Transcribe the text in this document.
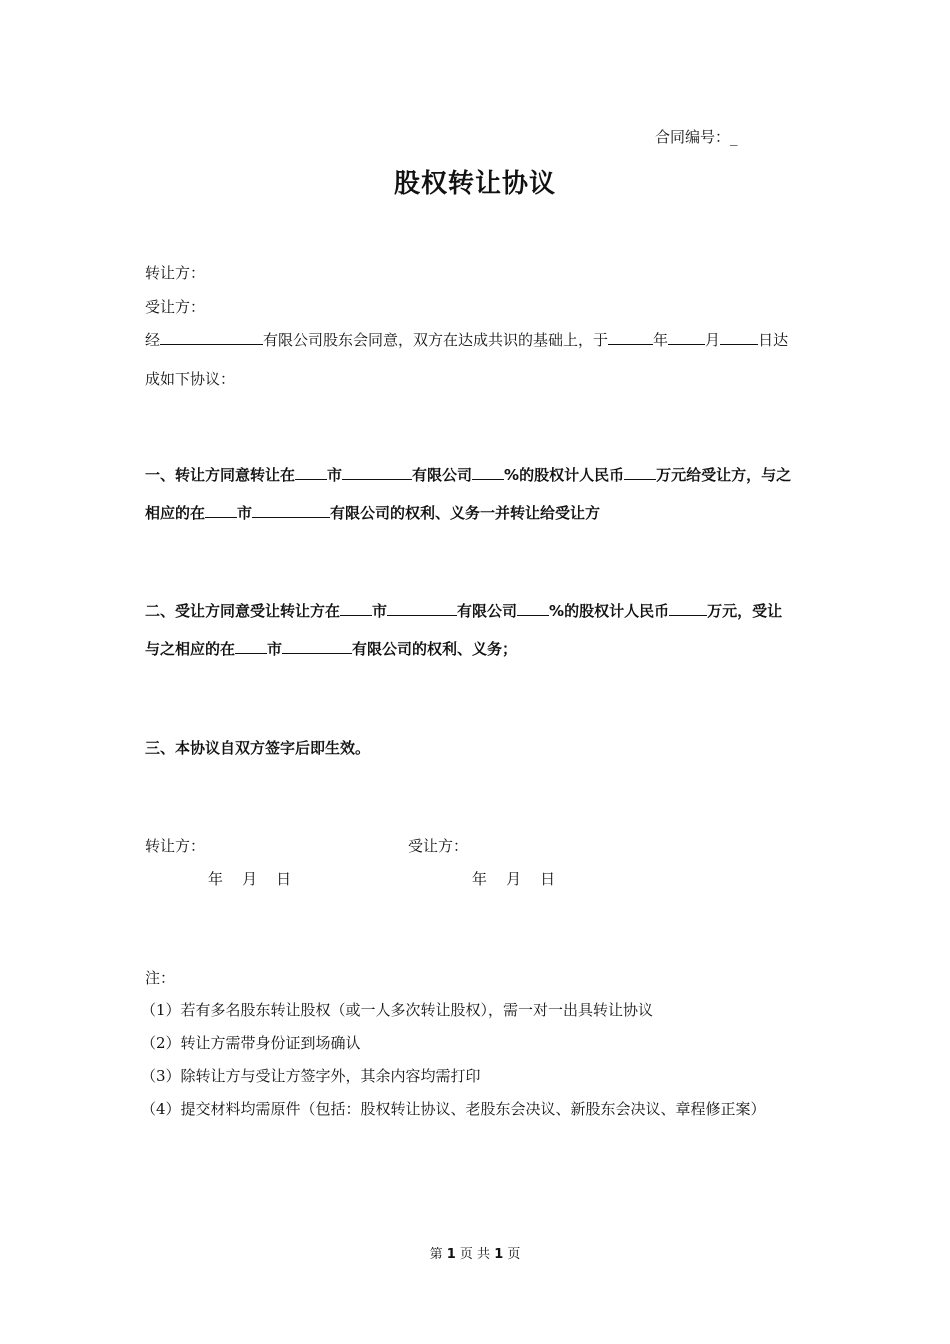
合同编号：_
股权转让协议
转让方：
受让方：
经	有限公司股东会同意，双方在达成共识的基础上，于	年 月	日达
成如下协议：
一、转让方同意转让在 市	有限公司 %的股权计人民币 万元给受让方，与之
相应的在 市	有限公司的权利、义务一并转让给受让方
二、受让方同意受让转让方在 市	有限公司 %的股权计人民币	万元，受让
与之相应的在 市	有限公司的权利、义务；
三、本协议自双方签字后即生效。
转让方：	受让方：
年    月    日	年    月    日
注：
（1）若有多名股东转让股权（或一人多次转让股权），需一对一出具转让协议
（2）转让方需带身份证到场确认
（3）除转让方与受让方签字外，其余内容均需打印
（4）提交材料均需原件（包括：股权转让协议、老股东会决议、新股东会决议、章程修正案）
第 1 页 共 1 页
